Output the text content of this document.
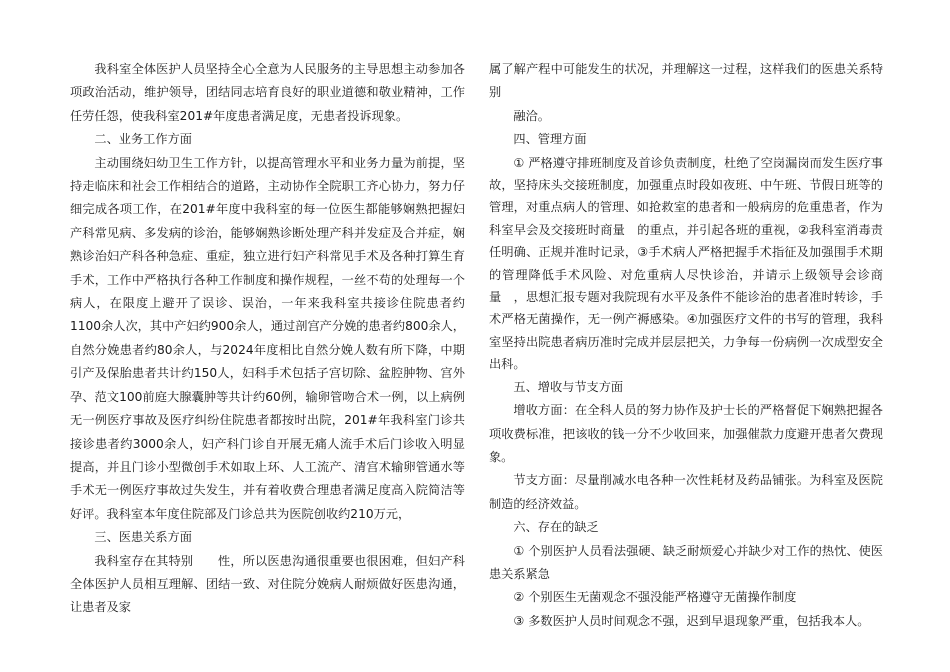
我科室全体医护人员坚持全心全意为人民服务的主导思想主动参加各项政治活动，维护领导，团结同志培育良好的职业道德和敬业精神，工作任劳任怨，使我科室201#年度患者满足度，无患者投诉现象。

二、业务工作方面

主动围绕妇幼卫生工作方针，以提高管理水平和业务力量为前提，坚持走临床和社会工作相结合的道路，主动协作全院职工齐心协力，努力仔细完成各项工作，在201#年度中我科室的每一位医生都能够娴熟把握妇产科常见病、多发病的诊治，能够娴熟诊断处理产科并发症及合并症，娴熟诊治妇产科各种急症、重症，独立进行妇产科常见手术及各种打算生育手术，工作中严格执行各种工作制度和操作规程，一丝不苟的处理每一个病人，在限度上避开了误诊、误治，一年来我科室共接诊住院患者约1100余人次，其中产妇约900余人，通过剖宫产分娩的患者约800余人，自然分娩患者约80余人，与2024年度相比自然分娩人数有所下降，中期引产及保胎患者共计约150人，妇科手术包括子宫切除、盆腔肿物、宫外孕、范文100前庭大腺囊肿等共计约60例，输卵管吻合术一例，以上病例无一例医疗事故及医疗纠纷住院患者都按时出院，201#年我科室门诊共接诊患者约3000余人，妇产科门诊自开展无痛人流手术后门诊收入明显提高，并且门诊小型微创手术如取上环、人工流产、清宫术输卵管通水等手术无一例医疗事故过失发生，并有着收费合理患者满足度高入院简洁等好评。我科室本年度住院部及门诊总共为医院创收约210万元，

三、医患关系方面

我科室存在其特别　　性，所以医患沟通很重要也很困难，但妇产科全体医护人员相互理解、团结一致、对住院分娩病人耐烦做好医患沟通，让患者及家

属了解产程中可能发生的状况，并理解这一过程，这样我们的医患关系特别

融洽。

四、管理方面

① 严格遵守排班制度及首诊负责制度，杜绝了空岗漏岗而发生医疗事故，坚持床头交接班制度，加强重点时段如夜班、中午班、节假日班等的管理，对重点病人的管理、如抢救室的患者和一般病房的危重患者，作为科室早会及交接班时商量　的重点，并引起各班的重视，②我科室消毒责任明确、正规并准时记录，③手术病人严格把握手术指征及加强围手术期的管理降低手术风险、对危重病人尽快诊治，并请示上级领导会诊商量　，思想汇报专题对我院现有水平及条件不能诊治的患者准时转诊，手术严格无菌操作，无一例产褥感染。④加强医疗文件的书写的管理，我科室坚持出院患者病历准时完成并层层把关，力争每一份病例一次成型安全出科。

五、增收与节支方面

增收方面：在全科人员的努力协作及护士长的严格督促下娴熟把握各项收费标准，把该收的钱一分不少收回来，加强催款力度避开患者欠费现象。

节支方面：尽量削减水电各种一次性耗材及药品铺张。为科室及医院制造的经济效益。

六、存在的缺乏

① 个别医护人员看法强硬、缺乏耐烦爱心并缺少对工作的热忱、使医患关系紧急

② 个别医生无菌观念不强没能严格遵守无菌操作制度

③ 多数医护人员时间观念不强，迟到早退现象严重，包括我本人。
